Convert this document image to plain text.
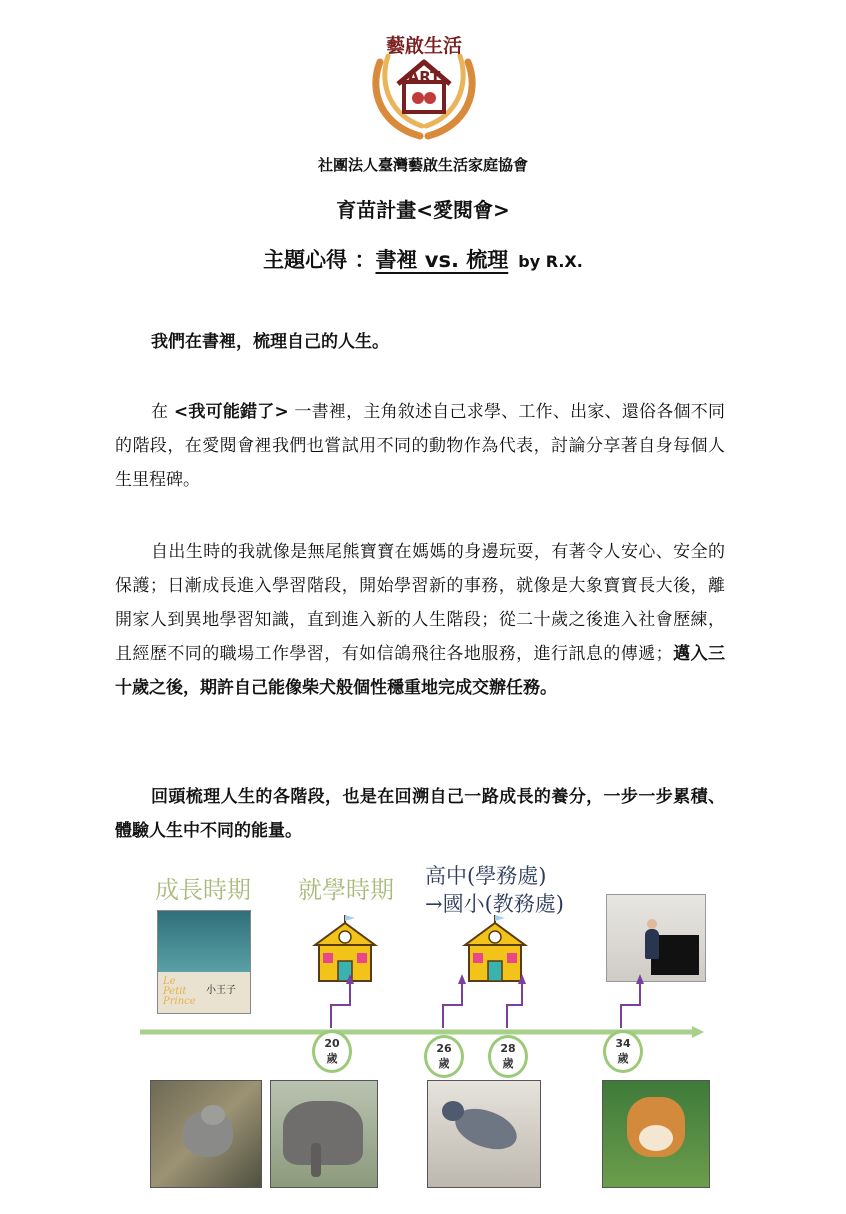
藝啟生活
ART
社團法人臺灣藝啟生活家庭協會
育苗計畫<愛閱會>
主題心得 ：書裡 vs. 梳理 by R.X.

我們在書裡，梳理自己的人生。

在 <我可能錯了> 一書裡，主角敘述自己求學、工作、出家、還俗各個不同的階段，在愛閱會裡我們也嘗試用不同的動物作為代表，討論分享著自身每個人生里程碑。

自出生時的我就像是無尾熊寶寶在媽媽的身邊玩耍，有著令人安心、安全的保護；日漸成長進入學習階段，開始學習新的事務，就像是大象寶寶長大後，離開家人到異地學習知識，直到進入新的人生階段；從二十歲之後進入社會歷練，且經歷不同的職場工作學習，有如信鴿飛往各地服務，進行訊息的傳遞；邁入三十歲之後，期許自己能像柴犬般個性穩重地完成交辦任務。

回頭梳理人生的各階段，也是在回溯自己一路成長的養分，一步一步累積、體驗人生中不同的能量。

成長時期 就學時期 高中(學務處)
→國小(教務處)
Le
Petit
Prince
小王子
20
歲
26
歲
28
歲
34
歲
